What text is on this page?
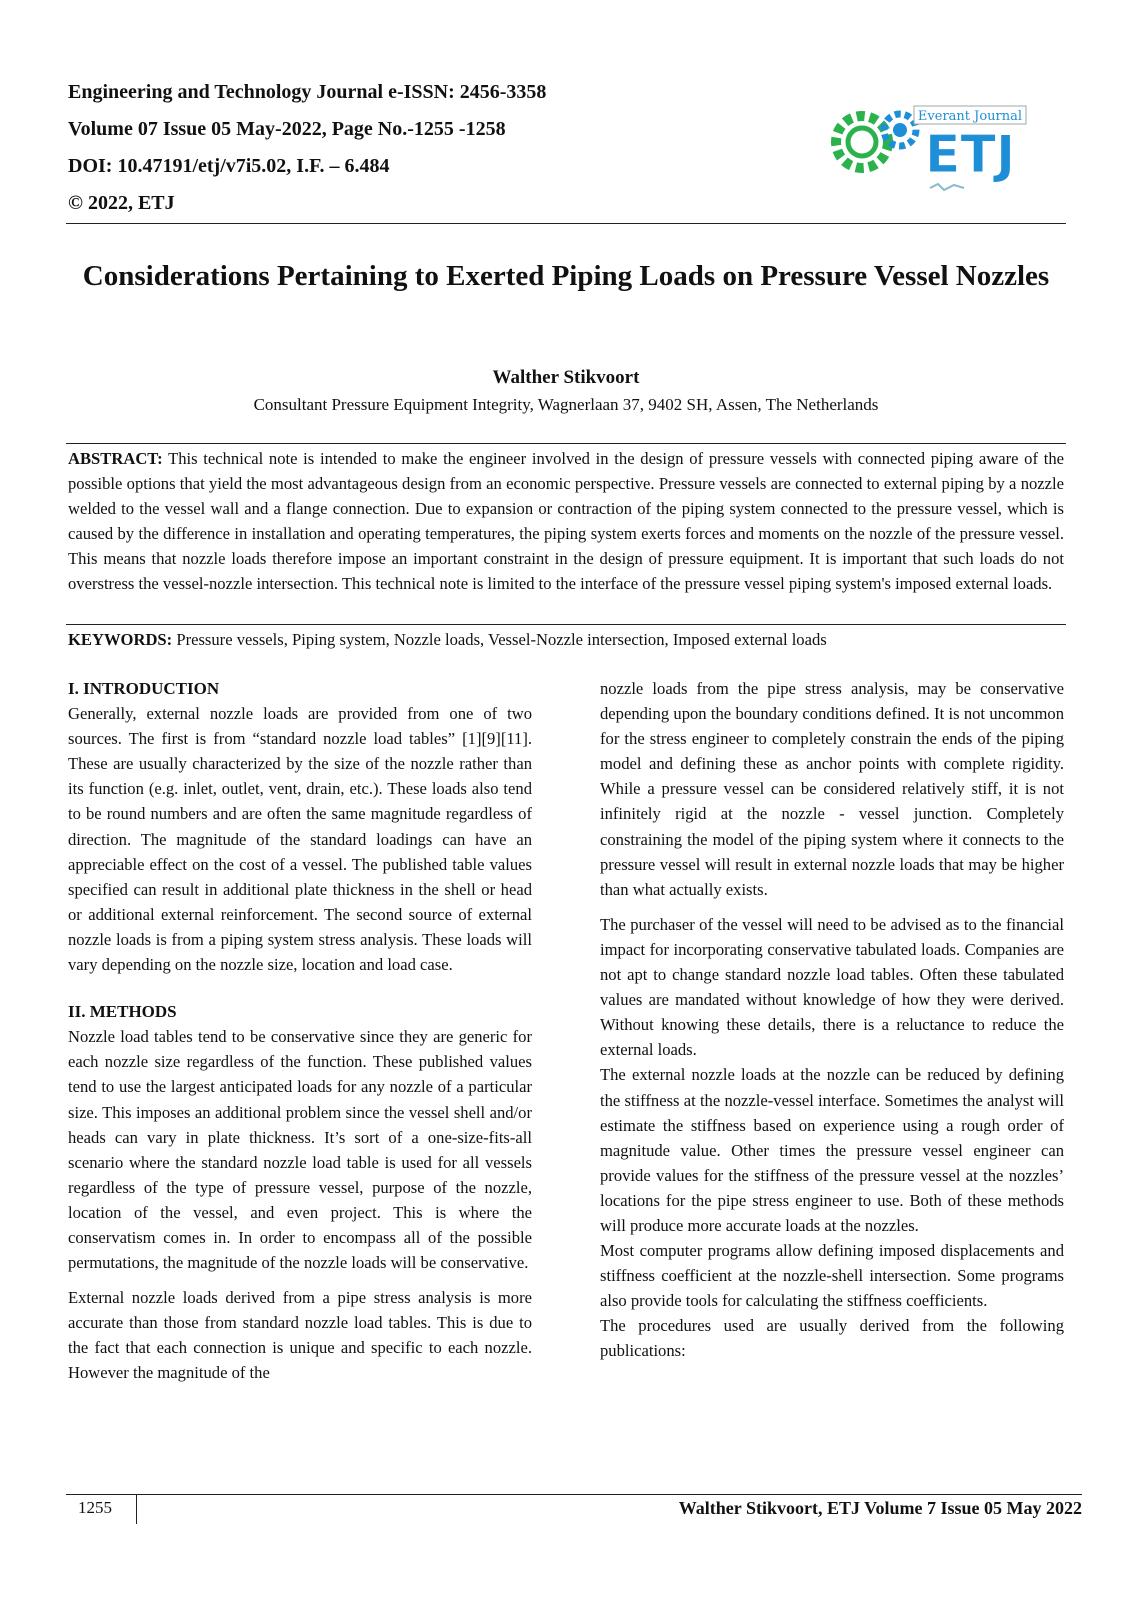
Engineering and Technology Journal e-ISSN: 2456-3358
Volume 07 Issue 05 May-2022, Page No.-1255 -1258
DOI: 10.47191/etj/v7i5.02, I.F. – 6.484
© 2022, ETJ
Everant Journal
ETJ
Considerations Pertaining to Exerted Piping Loads on Pressure Vessel Nozzles
Walther Stikvoort
Consultant Pressure Equipment Integrity, Wagnerlaan 37, 9402 SH, Assen, The Netherlands
ABSTRACT: This technical note is intended to make the engineer involved in the design of pressure vessels with connected piping aware of the possible options that yield the most advantageous design from an economic perspective. Pressure vessels are connected to external piping by a nozzle welded to the vessel wall and a flange connection. Due to expansion or contraction of the piping system connected to the pressure vessel, which is caused by the difference in installation and operating temperatures, the piping system exerts forces and moments on the nozzle of the pressure vessel. This means that nozzle loads therefore impose an important constraint in the design of pressure equipment. It is important that such loads do not overstress the vessel-nozzle intersection. This technical note is limited to the interface of the pressure vessel piping system's imposed external loads.
KEYWORDS: Pressure vessels, Piping system, Nozzle loads, Vessel-Nozzle intersection, Imposed external loads
I. INTRODUCTION

Generally, external nozzle loads are provided from one of two sources. The first is from “standard nozzle load tables” [1][9][11]. These are usually characterized by the size of the nozzle rather than its function (e.g. inlet, outlet, vent, drain, etc.). These loads also tend to be round numbers and are often the same magnitude regardless of direction. The magnitude of the standard loadings can have an appreciable effect on the cost of a vessel. The published table values specified can result in additional plate thickness in the shell or head or additional external reinforcement. The second source of external nozzle loads is from a piping system stress analysis. These loads will vary depending on the nozzle size, location and load case.

II. METHODS

Nozzle load tables tend to be conservative since they are generic for each nozzle size regardless of the function. These published values tend to use the largest anticipated loads for any nozzle of a particular size. This imposes an additional problem since the vessel shell and/or heads can vary in plate thickness. It’s sort of a one-size-fits-all scenario where the standard nozzle load table is used for all vessels regardless of the type of pressure vessel, purpose of the nozzle, location of the vessel, and even project. This is where the conservatism comes in. In order to encompass all of the possible permutations, the magnitude of the nozzle loads will be conservative.

External nozzle loads derived from a pipe stress analysis is more accurate than those from standard nozzle load tables. This is due to the fact that each connection is unique and specific to each nozzle. However the magnitude of the

nozzle loads from the pipe stress analysis, may be conservative depending upon the boundary conditions defined. It is not uncommon for the stress engineer to completely constrain the ends of the piping model and defining these as anchor points with complete rigidity. While a pressure vessel can be considered relatively stiff, it is not infinitely rigid at the nozzle - vessel junction. Completely constraining the model of the piping system where it connects to the pressure vessel will result in external nozzle loads that may be higher than what actually exists.

The purchaser of the vessel will need to be advised as to the financial impact for incorporating conservative tabulated loads. Companies are not apt to change standard nozzle load tables. Often these tabulated values are mandated without knowledge of how they were derived. Without knowing these details, there is a reluctance to reduce the external loads.

The external nozzle loads at the nozzle can be reduced by defining the stiffness at the nozzle-vessel interface. Sometimes the analyst will estimate the stiffness based on experience using a rough order of magnitude value. Other times the pressure vessel engineer can provide values for the stiffness of the pressure vessel at the nozzles’ locations for the pipe stress engineer to use. Both of these methods will produce more accurate loads at the nozzles.

Most computer programs allow defining imposed displacements and stiffness coefficient at the nozzle-shell intersection. Some programs also provide tools for calculating the stiffness coefficients.

The procedures used are usually derived from the following publications:

1255	Walther Stikvoort, ETJ Volume 7 Issue 05 May 2022
